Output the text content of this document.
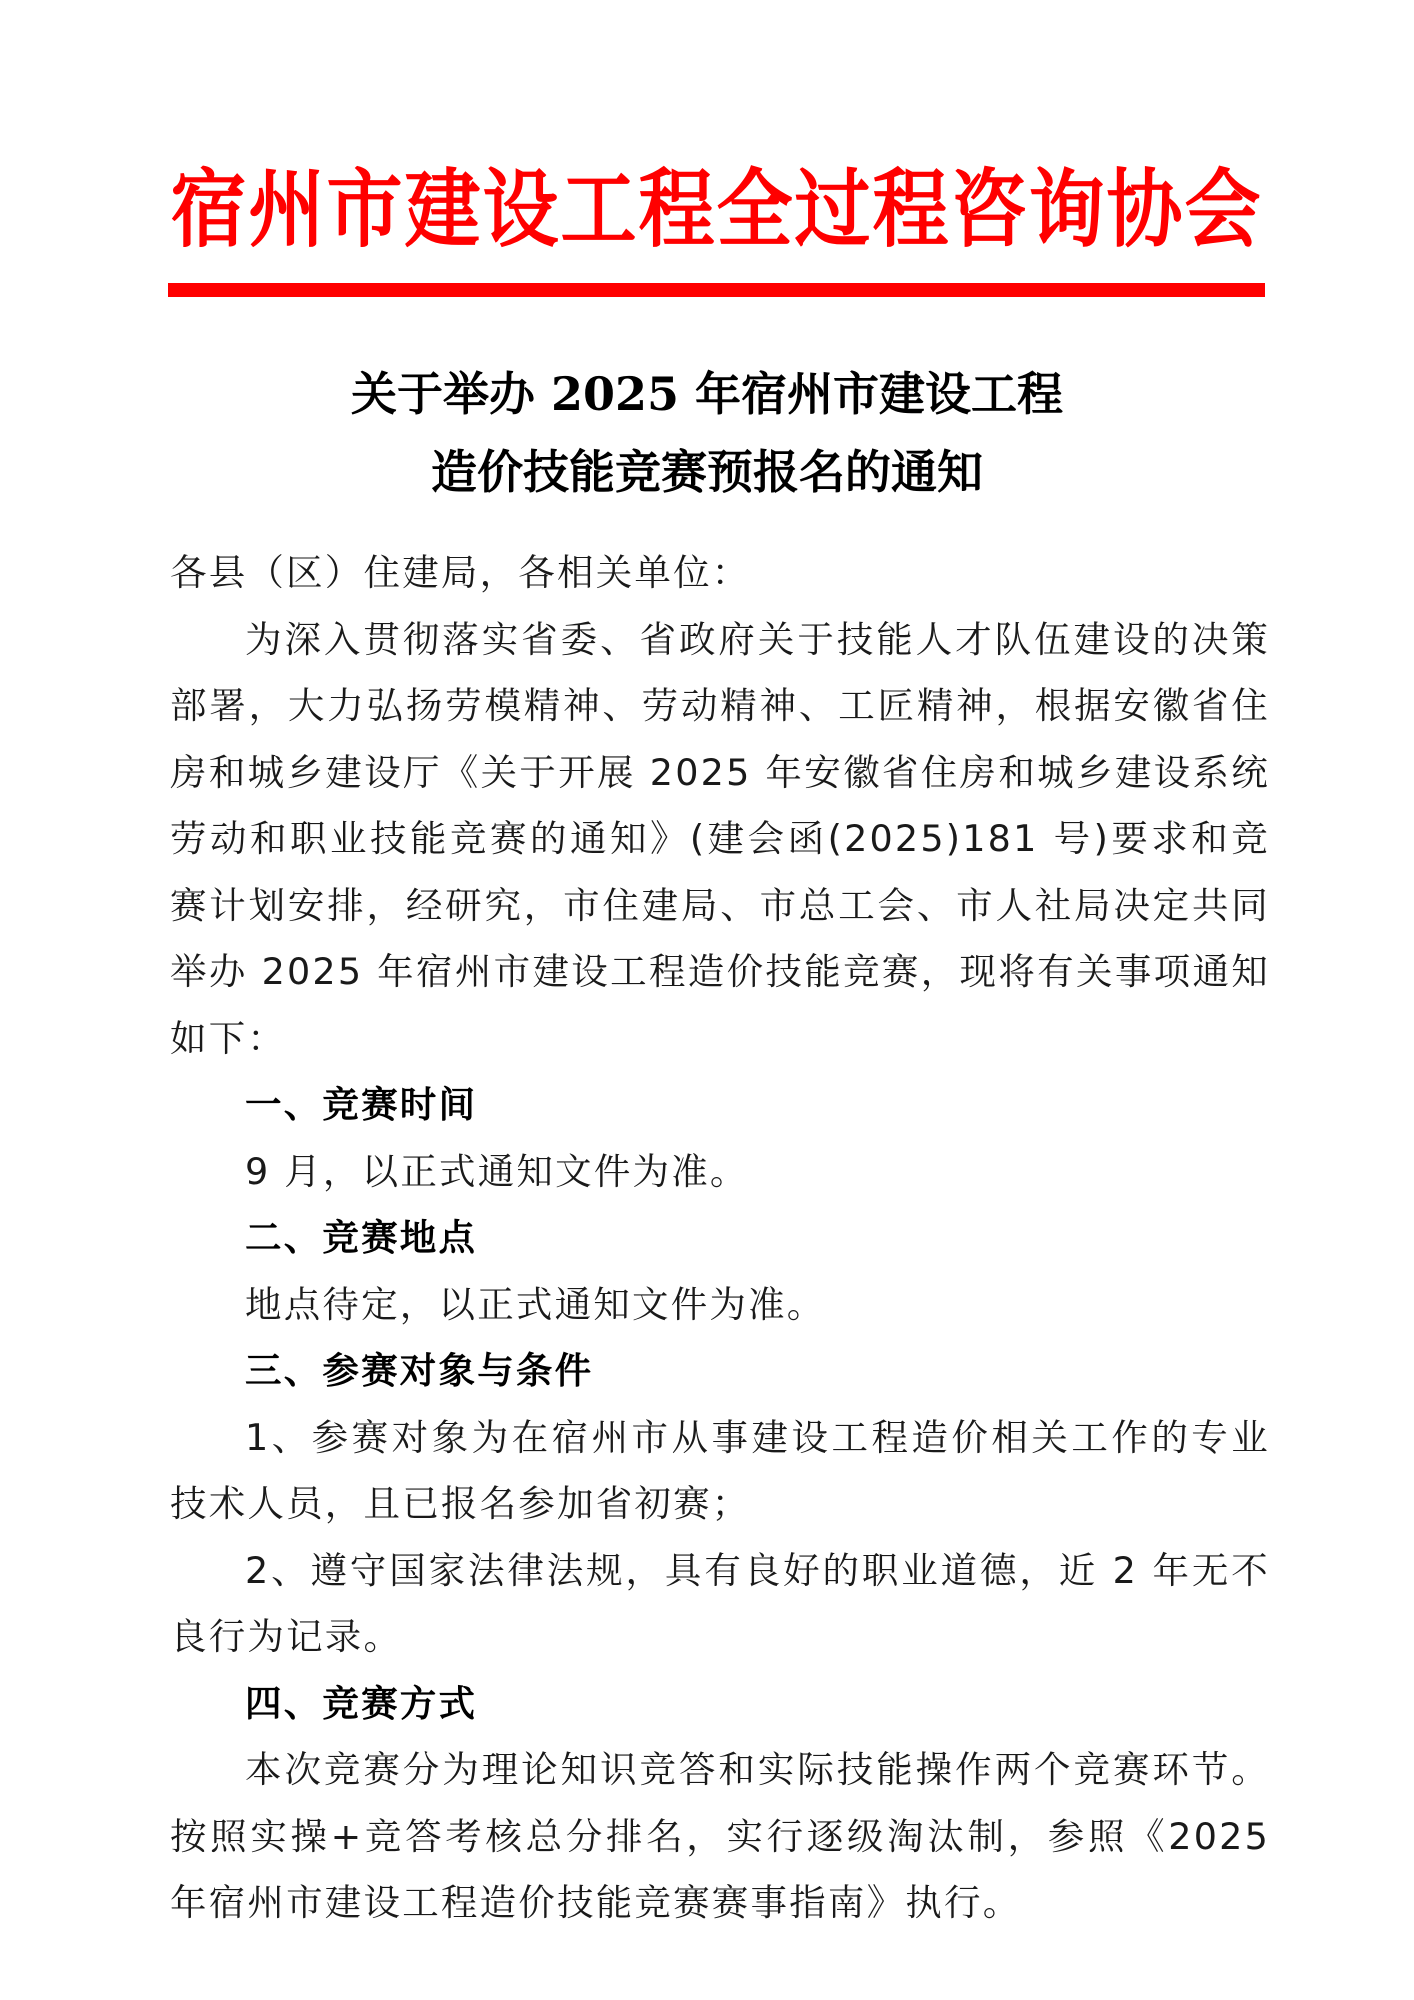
宿州市建设工程全过程咨询协会
关于举办 2025 年宿州市建设工程
造价技能竞赛预报名的通知

各县（区）住建局，各相关单位：

为深入贯彻落实省委、省政府关于技能人才队伍建设的决策部署，大力弘扬劳模精神、劳动精神、工匠精神，根据安徽省住房和城乡建设厅《关于开展 2025 年安徽省住房和城乡建设系统劳动和职业技能竞赛的通知》(建会函(2025)181 号)要求和竞赛计划安排，经研究，市住建局、市总工会、市人社局决定共同举办 2025 年宿州市建设工程造价技能竞赛，现将有关事项通知如下：

一、竞赛时间

9 月，以正式通知文件为准。

二、竞赛地点

地点待定，以正式通知文件为准。

三、参赛对象与条件

1、参赛对象为在宿州市从事建设工程造价相关工作的专业技术人员，且已报名参加省初赛；

2、遵守国家法律法规，具有良好的职业道德，近 2 年无不良行为记录。

四、竞赛方式

本次竞赛分为理论知识竞答和实际技能操作两个竞赛环节。按照实操+竞答考核总分排名，实行逐级淘汰制，参照《2025 年宿州市建设工程造价技能竞赛赛事指南》执行。
